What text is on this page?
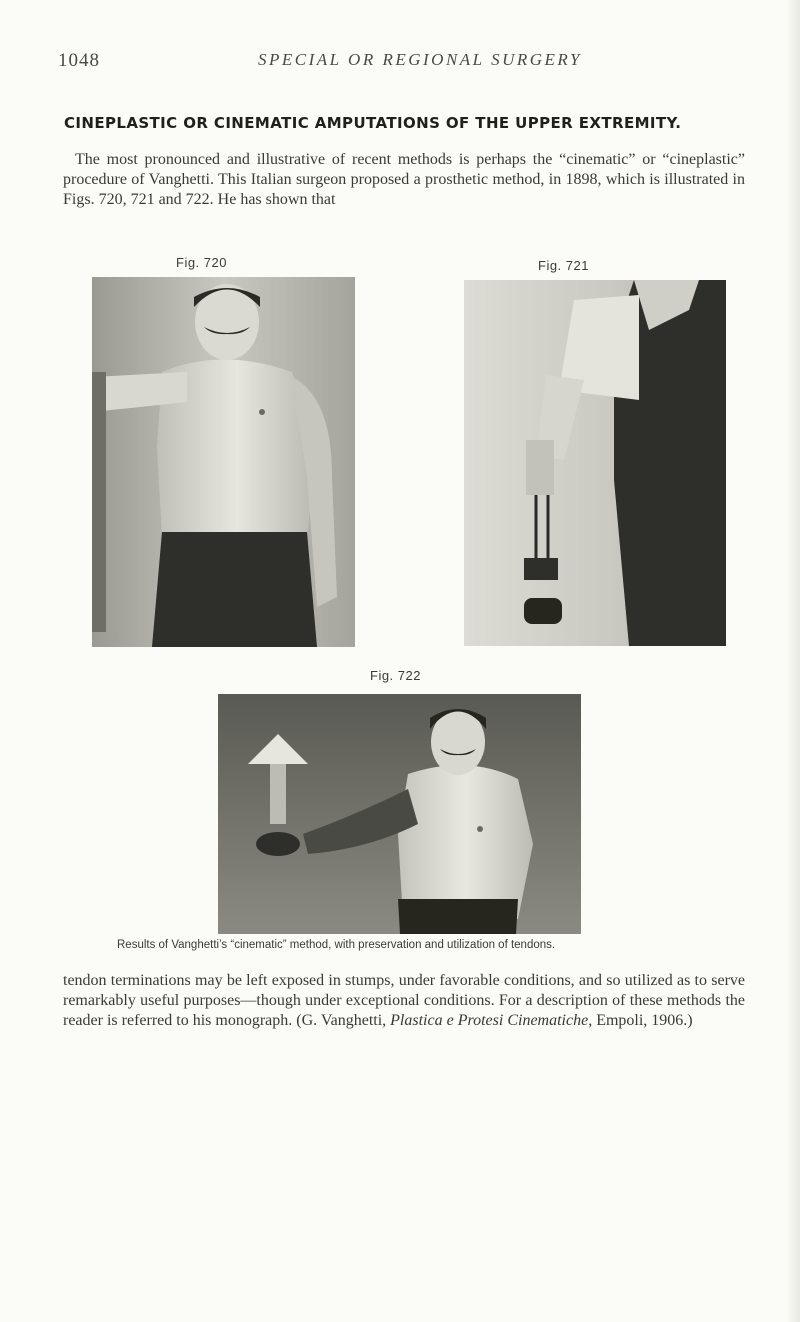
1048	SPECIAL OR REGIONAL SURGERY
CINEPLASTIC OR CINEMATIC AMPUTATIONS OF THE UPPER EXTREMITY.

The most pronounced and illustrative of recent methods is perhaps the “cinematic” or “cineplastic” procedure of Vanghetti. This Italian surgeon proposed a prosthetic method, in 1898, which is illustrated in Figs. 720, 721 and 722. He has shown that

Fig. 720	Fig. 721
Fig. 722

Results of Vanghetti’s “cinematic” method, with preservation and utilization of tendons.

tendon terminations may be left exposed in stumps, under favorable conditions, and so utilized as to serve remarkably useful purposes—though under exceptional conditions. For a description of these methods the reader is referred to his monograph. (G. Vanghetti, Plastica e Protesi Cinematiche, Empoli, 1906.)
